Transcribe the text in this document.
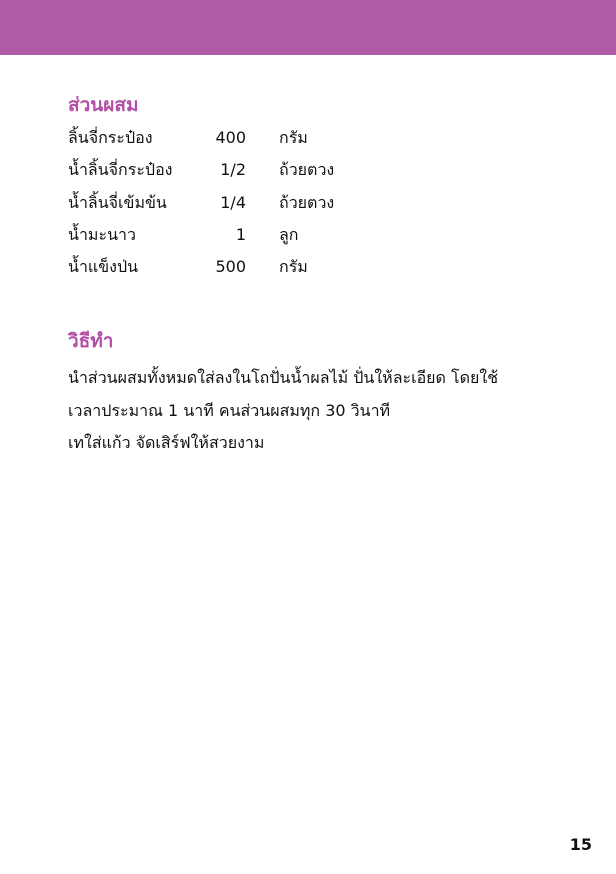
ส่วนผสม
ลิ้นจี่กระป๋อง	400 กรัม
น้ำลิ้นจี่กระป๋อง	1/2 ถ้วยตวง
น้ำลิ้นจี่เข้มข้น	1/4 ถ้วยตวง
น้ำมะนาว	1 ลูก
น้ำแข็งป่น	500 กรัม
วิธีทำ
นำส่วนผสมทั้งหมดใส่ลงในโถปั่นน้ำผลไม้ ปั่นให้ละเอียด โดยใช้
เวลาประมาณ 1 นาที คนส่วนผสมทุก 30 วินาที
เทใส่แก้ว จัดเสิร์ฟให้สวยงาม
15
